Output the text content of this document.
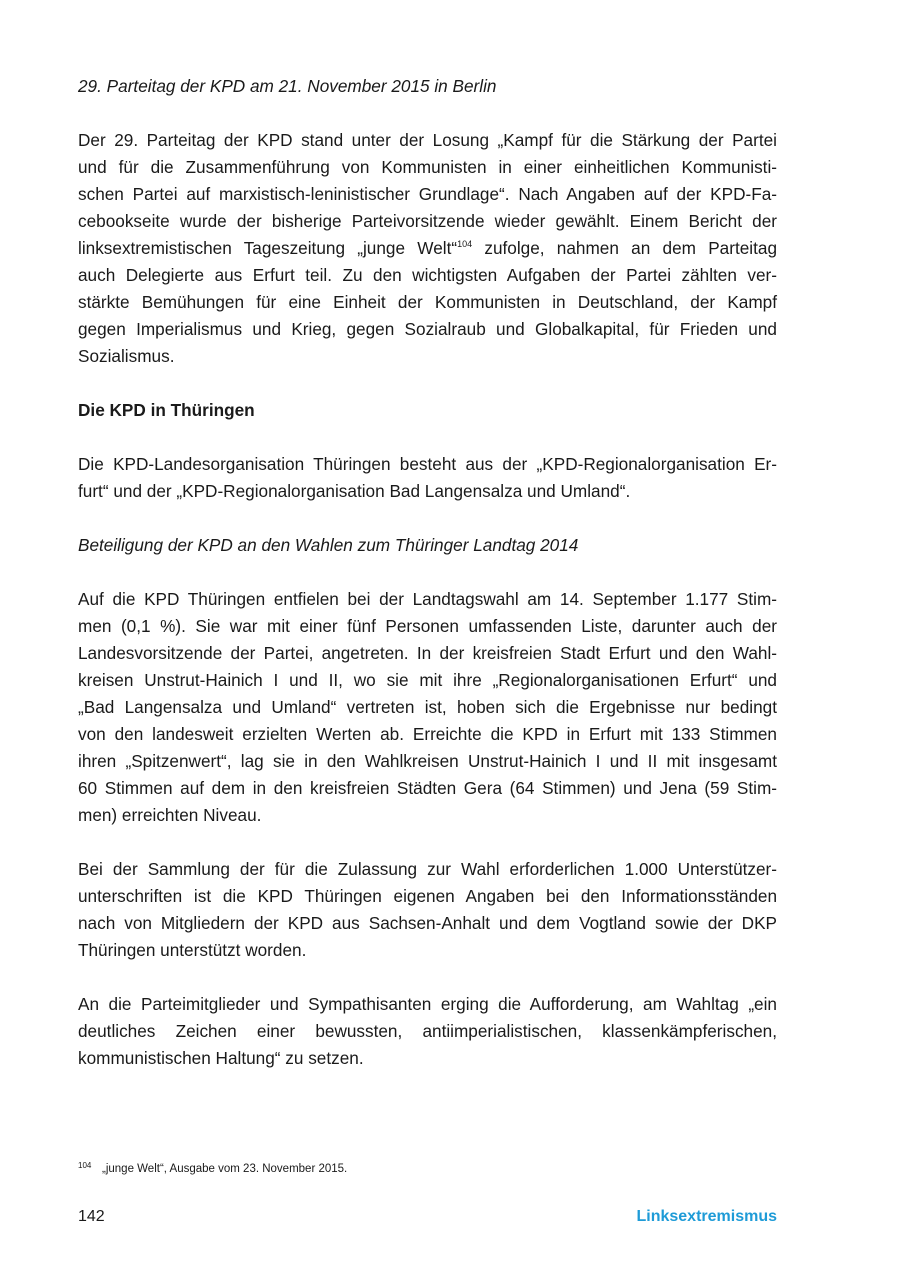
29. Parteitag der KPD am 21. November 2015 in Berlin

Der 29. Parteitag der KPD stand unter der Losung „Kampf für die Stärkung der Partei
und für die Zusammenführung von Kommunisten in einer einheitlichen Kommunisti-
schen Partei auf marxistisch-leninistischer Grundlage“. Nach Angaben auf der KPD-Fa-
cebookseite wurde der bisherige Parteivorsitzende wieder gewählt. Einem Bericht der
linksextremistischen Tageszeitung „junge Welt“$^{104}$ zufolge, nahmen an dem Parteitag
auch Delegierte aus Erfurt teil. Zu den wichtigsten Aufgaben der Partei zählten ver-
stärkte Bemühungen für eine Einheit der Kommunisten in Deutschland, der Kampf
gegen Imperialismus und Krieg, gegen Sozialraub und Globalkapital, für Frieden und
Sozialismus.

Die KPD in Thüringen

Die KPD-Landesorganisation Thüringen besteht aus der „KPD-Regionalorganisation Er-
furt“ und der „KPD-Regionalorganisation Bad Langensalza und Umland“.

Beteiligung der KPD an den Wahlen zum Thüringer Landtag 2014

Auf die KPD Thüringen entfielen bei der Landtagswahl am 14. September 1.177 Stim-
men (0,1 %). Sie war mit einer fünf Personen umfassenden Liste, darunter auch der
Landesvorsitzende der Partei, angetreten. In der kreisfreien Stadt Erfurt und den Wahl-
kreisen Unstrut-Hainich I und II, wo sie mit ihre „Regionalorganisationen Erfurt“ und
„Bad Langensalza und Umland“ vertreten ist, hoben sich die Ergebnisse nur bedingt
von den landesweit erzielten Werten ab. Erreichte die KPD in Erfurt mit 133 Stimmen
ihren „Spitzenwert“, lag sie in den Wahlkreisen Unstrut-Hainich I und II mit insgesamt
60 Stimmen auf dem in den kreisfreien Städten Gera (64 Stimmen) und Jena (59 Stim-
men) erreichten Niveau.
Bei der Sammlung der für die Zulassung zur Wahl erforderlichen 1.000 Unterstützer-
unterschriften ist die KPD Thüringen eigenen Angaben bei den Informationsständen
nach von Mitgliedern der KPD aus Sachsen-Anhalt und dem Vogtland sowie der DKP
Thüringen unterstützt worden.
An die Parteimitglieder und Sympathisanten erging die Aufforderung, am Wahltag „ein
deutliches Zeichen einer bewussten, antiimperialistischen, klassenkämpferischen,
kommunistischen Haltung“ zu setzen.
104 „junge Welt“, Ausgabe vom 23. November 2015.
142	Linksextremismus
